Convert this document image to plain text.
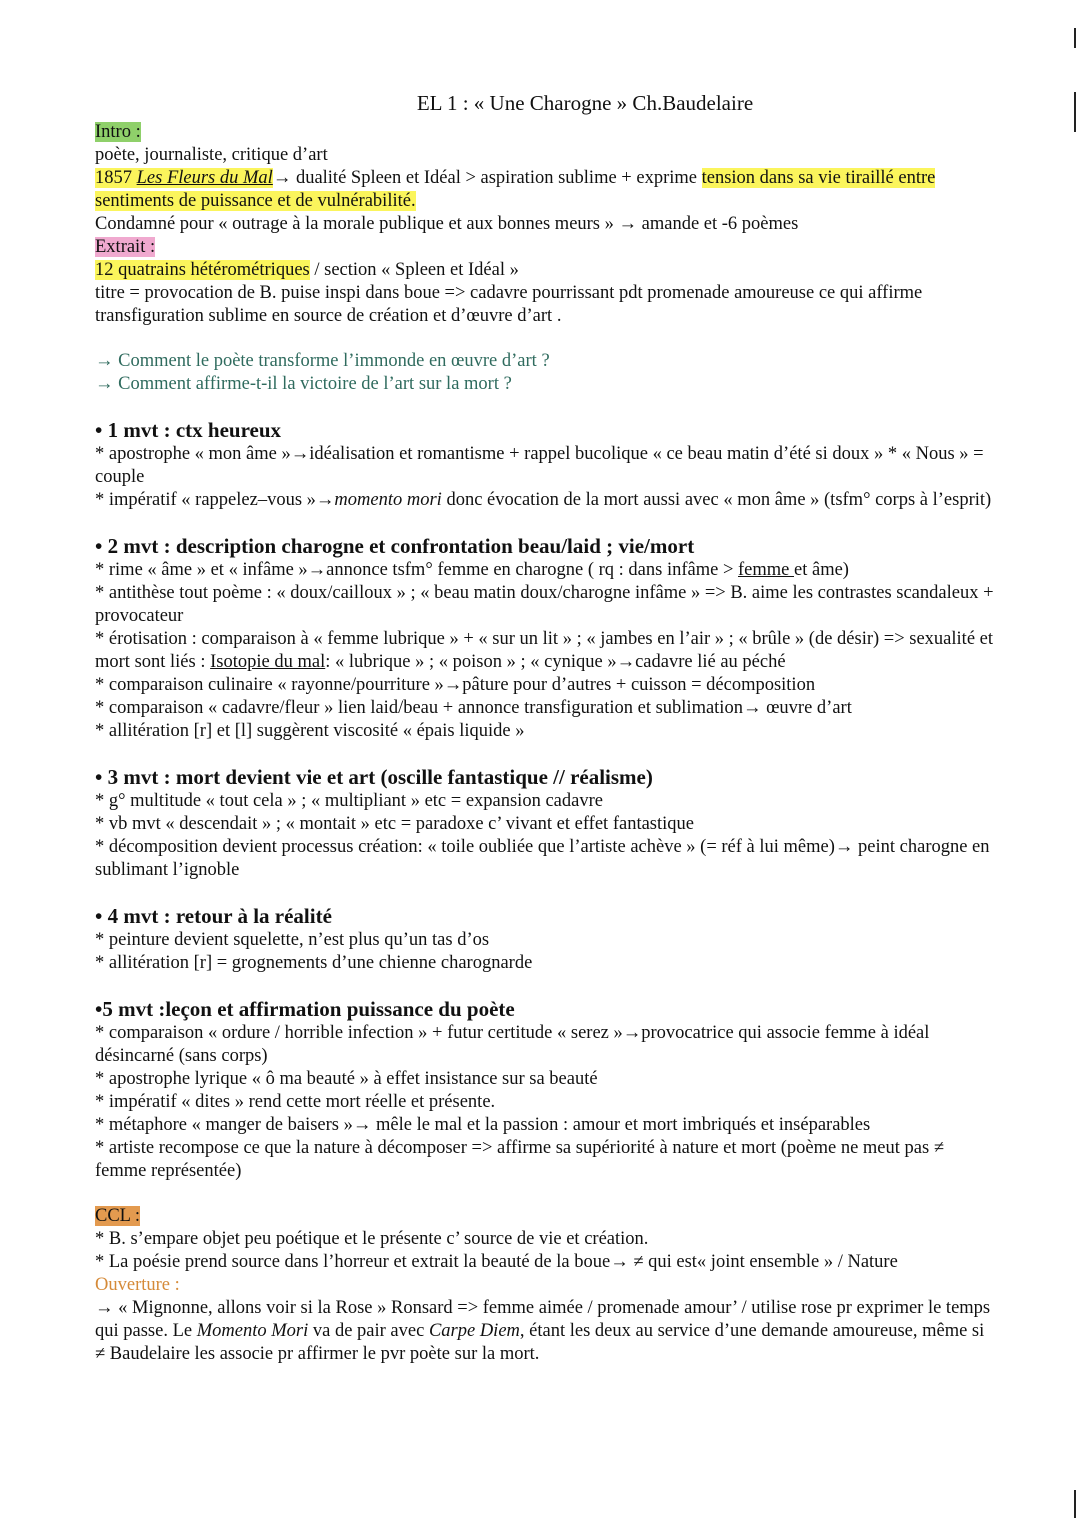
EL 1 : « Une Charogne » Ch.Baudelaire

Intro :

poète, journaliste, critique d’art

1857 Les Fleurs du Mal→ dualité Spleen et Idéal > aspiration sublime + exprime tension dans sa vie tiraillé entre sentiments de puissance et de vulnérabilité.

Condamné pour « outrage à la morale publique et aux bonnes meurs » → amande et -6 poèmes

Extrait :

12 quatrains hétérométriques / section « Spleen et Idéal »

titre = provocation de B. puise inspi dans boue => cadavre pourrissant pdt promenade amoureuse ce qui affirme transfiguration sublime en source de création et d’œuvre d’art .

→ Comment le poète transforme l’immonde en œuvre d’art ?

→ Comment affirme-t-il la victoire de l’art sur la mort ?

• 1 mvt : ctx heureux

* apostrophe « mon âme »→idéalisation et romantisme + rappel bucolique « ce beau matin d’été si doux » * « Nous » = couple

* impératif « rappelez–vous »→momento mori donc évocation de la mort aussi avec « mon âme » (tsfm° corps à l’esprit)

• 2 mvt : description charogne et confrontation beau/laid ; vie/mort

* rime « âme » et « infâme »→annonce tsfm° femme en charogne ( rq : dans infâme > femme et âme)

* antithèse tout poème : « doux/cailloux » ; « beau matin doux/charogne infâme » => B. aime les contrastes scandaleux + provocateur

* érotisation : comparaison à « femme lubrique » + « sur un lit » ; « jambes en l’air » ; « brûle » (de désir) => sexualité et mort sont liés : Isotopie du mal: « lubrique » ; « poison » ; « cynique »→cadavre lié au péché

* comparaison culinaire « rayonne/pourriture »→pâture pour d’autres + cuisson = décomposition

* comparaison « cadavre/fleur » lien laid/beau + annonce transfiguration et sublimation→ œuvre d’art

* allitération [r] et [l] suggèrent viscosité « épais liquide »

• 3 mvt : mort devient vie et art (oscille fantastique // réalisme)

* g° multitude « tout cela » ; « multipliant » etc = expansion cadavre

* vb mvt « descendait » ; « montait » etc = paradoxe c’ vivant et effet fantastique

* décomposition devient processus création: « toile oubliée que l’artiste achève » (= réf à lui même)→ peint charogne en sublimant l’ignoble

• 4 mvt : retour à la réalité

* peinture devient squelette, n’est plus qu’un tas d’os

* allitération [r] = grognements d’une chienne charognarde

•5 mvt :leçon et affirmation puissance du poète

* comparaison « ordure / horrible infection » + futur certitude « serez »→provocatrice qui associe femme à idéal désincarné (sans corps)

* apostrophe lyrique « ô ma beauté » à effet insistance sur sa beauté

* impératif « dites » rend cette mort réelle et présente.

* métaphore « manger de baisers »→ mêle le mal et la passion : amour et mort imbriqués et inséparables

* artiste recompose ce que la nature à décomposer => affirme sa supériorité à nature et mort (poème ne meut pas ≠ femme représentée)

CCL :

* B. s’empare objet peu poétique et le présente c’ source de vie et création.

* La poésie prend source dans l’horreur et extrait la beauté de la boue→ ≠ qui est« joint ensemble » / Nature

Ouverture :

→ « Mignonne, allons voir si la Rose » Ronsard => femme aimée / promenade amour’ / utilise rose pr exprimer le temps qui passe. Le Momento Mori va de pair avec Carpe Diem, étant les deux au service d’une demande amoureuse, même si ≠ Baudelaire les associe pr affirmer le pvr poète sur la mort.
